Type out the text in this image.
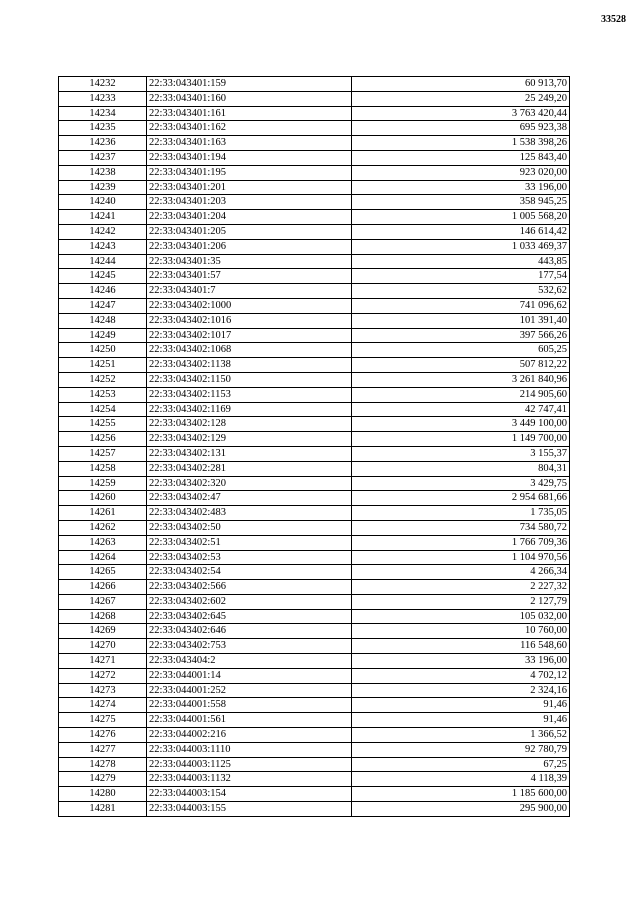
33528
14232	22:33:043401:159	60 913,70
14233	22:33:043401:160	25 249,20
14234	22:33:043401:161	3 763 420,44
14235	22:33:043401:162	695 923,38
14236	22:33:043401:163	1 538 398,26
14237	22:33:043401:194	125 843,40
14238	22:33:043401:195	923 020,00
14239	22:33:043401:201	33 196,00
14240	22:33:043401:203	358 945,25
14241	22:33:043401:204	1 005 568,20
14242	22:33:043401:205	146 614,42
14243	22:33:043401:206	1 033 469,37
14244	22:33:043401:35	443,85
14245	22:33:043401:57	177,54
14246	22:33:043401:7	532,62
14247	22:33:043402:1000	741 096,62
14248	22:33:043402:1016	101 391,40
14249	22:33:043402:1017	397 566,26
14250	22:33:043402:1068	605,25
14251	22:33:043402:1138	507 812,22
14252	22:33:043402:1150	3 261 840,96
14253	22:33:043402:1153	214 905,60
14254	22:33:043402:1169	42 747,41
14255	22:33:043402:128	3 449 100,00
14256	22:33:043402:129	1 149 700,00
14257	22:33:043402:131	3 155,37
14258	22:33:043402:281	804,31
14259	22:33:043402:320	3 429,75
14260	22:33:043402:47	2 954 681,66
14261	22:33:043402:483	1 735,05
14262	22:33:043402:50	734 580,72
14263	22:33:043402:51	1 766 709,36
14264	22:33:043402:53	1 104 970,56
14265	22:33:043402:54	4 266,34
14266	22:33:043402:566	2 227,32
14267	22:33:043402:602	2 127,79
14268	22:33:043402:645	105 032,00
14269	22:33:043402:646	10 760,00
14270	22:33:043402:753	116 548,60
14271	22:33:043404:2	33 196,00
14272	22:33:044001:14	4 702,12
14273	22:33:044001:252	2 324,16
14274	22:33:044001:558	91,46
14275	22:33:044001:561	91,46
14276	22:33:044002:216	1 366,52
14277	22:33:044003:1110	92 780,79
14278	22:33:044003:1125	67,25
14279	22:33:044003:1132	4 118,39
14280	22:33:044003:154	1 185 600,00
14281	22:33:044003:155	295 900,00
